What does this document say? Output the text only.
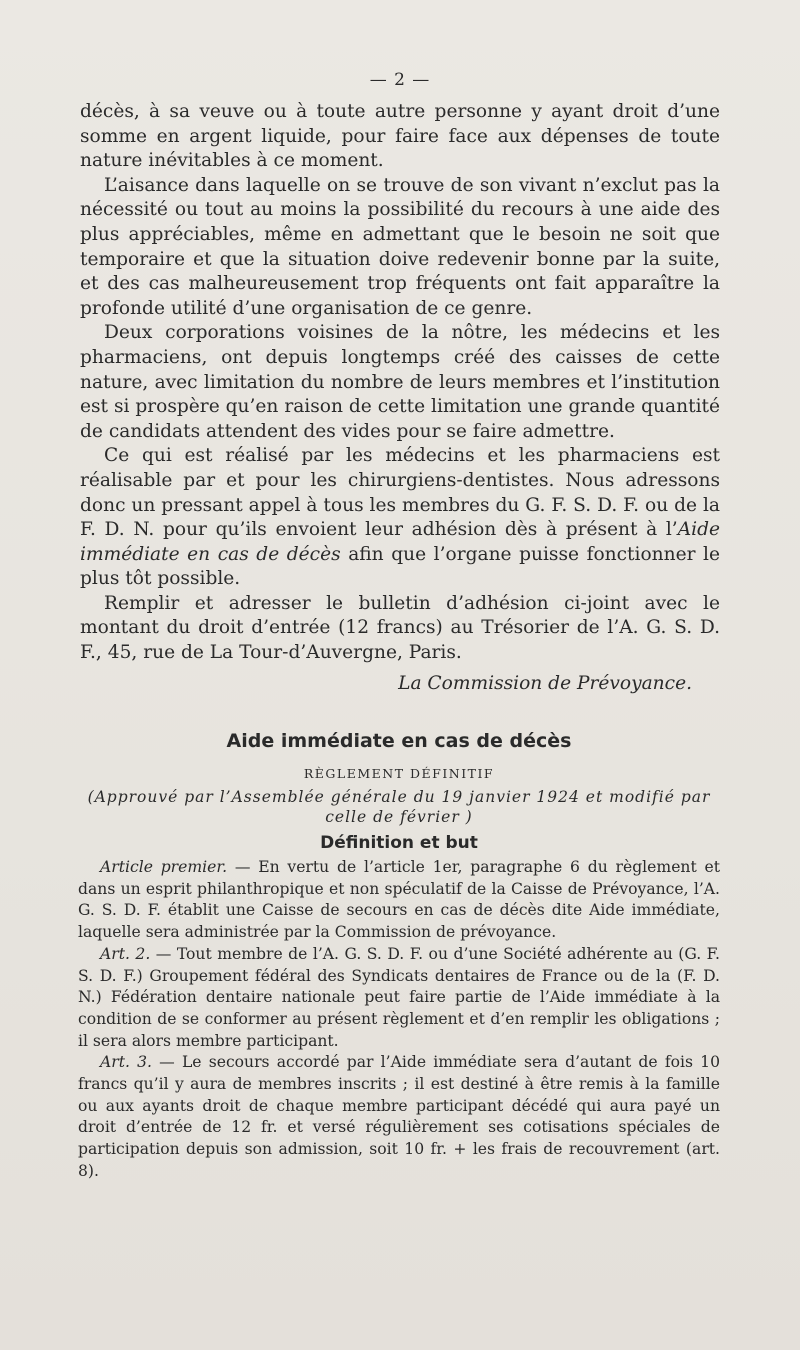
— 2 —

décès, à sa veuve ou à toute autre personne y ayant droit d’une somme en argent liquide, pour faire face aux dépenses de toute nature inévitables à ce moment.

L’aisance dans laquelle on se trouve de son vivant n’exclut pas la nécessité ou tout au moins la possibilité du recours à une aide des plus appréciables, même en admettant que le besoin ne soit que temporaire et que la situation doive redevenir bonne par la suite, et des cas malheureusement trop fréquents ont fait apparaître la profonde utilité d’une organisation de ce genre.

Deux corporations voisines de la nôtre, les médecins et les pharmaciens, ont depuis longtemps créé des caisses de cette nature, avec limitation du nombre de leurs membres et l’institution est si prospère qu’en raison de cette limitation une grande quantité de candidats attendent des vides pour se faire admettre.

Ce qui est réalisé par les médecins et les pharmaciens est réalisable par et pour les chirurgiens-dentistes. Nous adressons donc un pressant appel à tous les membres du G. F. S. D. F. ou de la F. D. N. pour qu’ils envoient leur adhésion dès à présent à l’Aide immédiate en cas de décès afin que l’organe puisse fonctionner le plus tôt possible.

Remplir et adresser le bulletin d’adhésion ci-joint avec le montant du droit d’entrée (12 francs) au Trésorier de l’A. G. S. D. F., 45, rue de La Tour-d’Auvergne, Paris.

La Commission de Prévoyance.
Aide immédiate en cas de décès
RÈGLEMENT DÉFINITIF
(Approuvé par l’Assemblée générale du 19 janvier 1924 et modifié par celle de février )
Définition et but

Article premier. — En vertu de l’article 1er, paragraphe 6 du règlement et dans un esprit philanthropique et non spéculatif de la Caisse de Prévoyance, l’A. G. S. D. F. établit une Caisse de secours en cas de décès dite Aide immédiate, laquelle sera administrée par la Commission de prévoyance.

Art. 2. — Tout membre de l’A. G. S. D. F. ou d’une Société adhérente au (G. F. S. D. F.) Groupement fédéral des Syndicats dentaires de France ou de la (F. D. N.) Fédération dentaire nationale peut faire partie de l’Aide immédiate à la condition de se conformer au présent règlement et d’en remplir les obligations ; il sera alors membre participant.

Art. 3. — Le secours accordé par l’Aide immédiate sera d’autant de fois 10 francs qu’il y aura de membres inscrits ; il est destiné à être remis à la famille ou aux ayants droit de chaque membre participant décédé qui aura payé un droit d’entrée de 12 fr. et versé régulièrement ses cotisations spéciales de participation depuis son admission, soit 10 fr. + les frais de recouvrement (art. 8).
